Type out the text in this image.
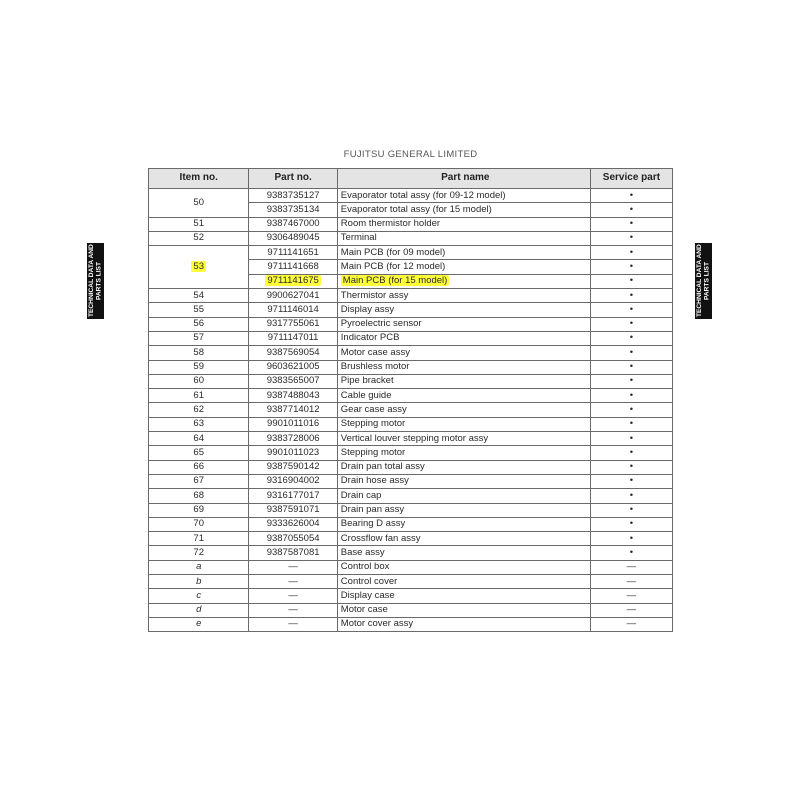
FUJITSU GENERAL LIMITED
TECHNICAL DATA AND PARTS LIST	TECHNICAL DATA AND PARTS LIST
Item no.	Part no.	Part name	Service part
50	9383735127	Evaporator total assy (for 09-12 model)	•
	9383735134	Evaporator total assy (for 15 model)	•
51	9387467000	Room thermistor holder	•
52	9306489045	Terminal	•
53	9711141651	Main PCB (for 09 model)	•
	9711141668	Main PCB (for 12 model)	•
	9711141675	Main PCB (for 15 model)	•
54	9900627041	Thermistor assy	•
55	9711146014	Display assy	•
56	9317755061	Pyroelectric sensor	•
57	9711147011	Indicator PCB	•
58	9387569054	Motor case assy	•
59	9603621005	Brushless motor	•
60	9383565007	Pipe bracket	•
61	9387488043	Cable guide	•
62	9387714012	Gear case assy	•
63	9901011016	Stepping motor	•
64	9383728006	Vertical louver stepping motor assy	•
65	9901011023	Stepping motor	•
66	9387590142	Drain pan total assy	•
67	9316904002	Drain hose assy	•
68	9316177017	Drain cap	•
69	9387591071	Drain pan assy	•
70	9333626004	Bearing D assy	•
71	9387055054	Crossflow fan assy	•
72	9387587081	Base assy	•
a	—	Control box	—
b	—	Control cover	—
c	—	Display case	—
d	—	Motor case	—
e	—	Motor cover assy	—
